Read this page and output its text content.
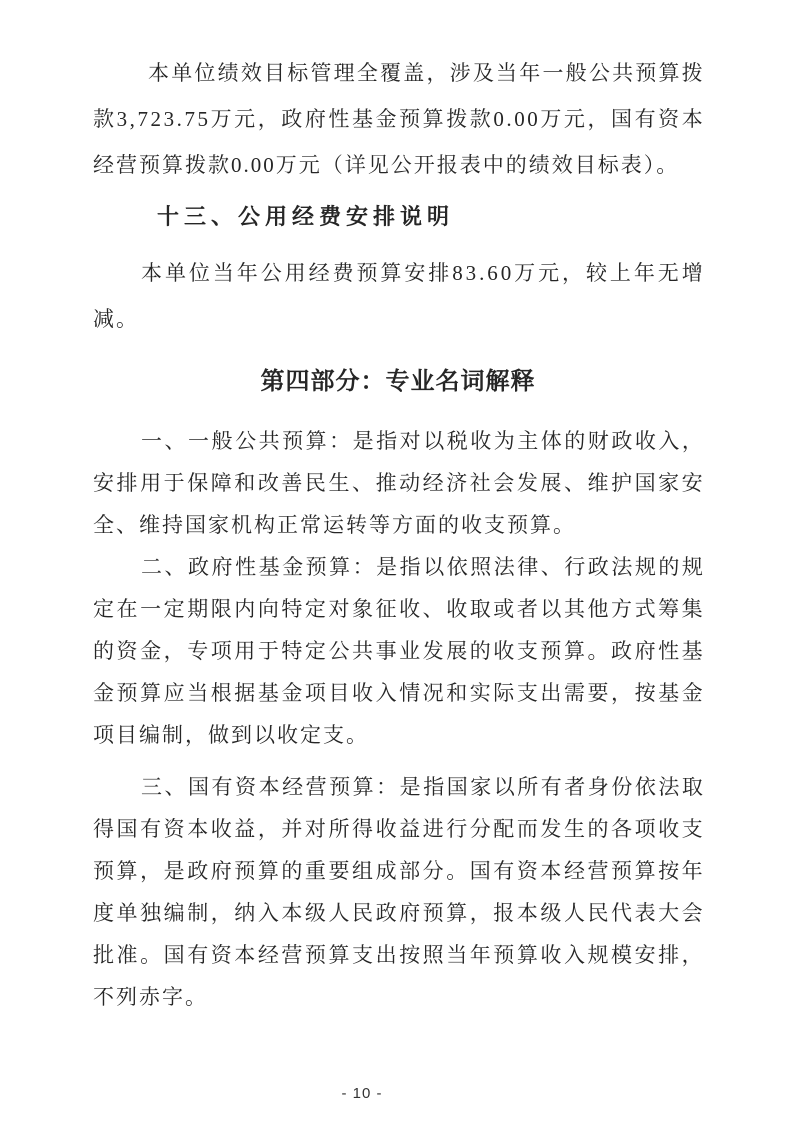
本 单 位 绩 效 目 标 管 理 全 覆 盖 ， 涉 及 当 年 一 般 公 共 预 算 拨
款 3 , 7 2 3 . 7 5 万 元 ， 政 府 性 基 金 预 算 拨 款 0 . 0 0 万 元 ， 国 有 资 本
经营预算拨款0.00万元（详见公开报表中的绩效目标表）。
十三、公用经费安排说明
本 单 位 当 年 公 用 经 费 预 算 安 排 8 3 . 6 0 万 元 ， 较 上 年 无 增
减。
第四部分：专业名词解释
一 、 一 般 公 共 预 算 ： 是 指 对 以 税 收 为 主 体 的 财 政 收 入 ，
安 排 用 于 保 障 和 改 善 民 生 、 推 动 经 济 社 会 发 展 、 维 护 国 家 安
全、维持国家机构正常运转等方面的收支预算。
二 、 政 府 性 基 金 预 算 ： 是 指 以 依 照 法 律 、 行 政 法 规 的 规
定 在 一 定 期 限 内 向 特 定 对 象 征 收 、 收 取 或 者 以 其 他 方 式 筹 集
的 资 金 ， 专 项 用 于 特 定 公 共 事 业 发 展 的 收 支 预 算 。 政 府 性 基
金 预 算 应 当 根 据 基 金 项 目 收 入 情 况 和 实 际 支 出 需 要 ， 按 基 金
项目编制，做到以收定支。
三 、 国 有 资 本 经 营 预 算 ： 是 指 国 家 以 所 有 者 身 份 依 法 取
得 国 有 资 本 收 益 ， 并 对 所 得 收 益 进 行 分 配 而 发 生 的 各 项 收 支
预 算 ， 是 政 府 预 算 的 重 要 组 成 部 分 。 国 有 资 本 经 营 预 算 按 年
度 单 独 编 制 ， 纳 入 本 级 人 民 政 府 预 算 ， 报 本 级 人 民 代 表 大 会
批 准 。 国 有 资 本 经 营 预 算 支 出 按 照 当 年 预 算 收 入 规 模 安 排 ，
不列赤字。
- 10 -
